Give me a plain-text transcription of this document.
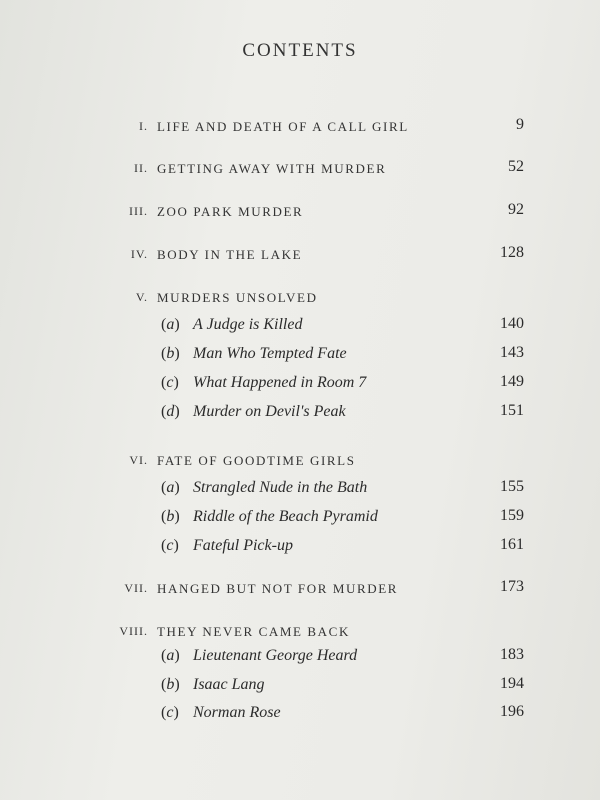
CONTENTS
I. LIFE AND DEATH OF A CALL GIRL	9
II. GETTING AWAY WITH MURDER	52
III. ZOO PARK MURDER	92
IV. BODY IN THE LAKE	128
V. MURDERS UNSOLVED
(a) A Judge is Killed	140
(b) Man Who Tempted Fate	143
(c) What Happened in Room 7	149
(d) Murder on Devil's Peak	151
VI. FATE OF GOODTIME GIRLS
(a) Strangled Nude in the Bath	155
(b) Riddle of the Beach Pyramid	159
(c) Fateful Pick-up	161
VII. HANGED BUT NOT FOR MURDER	173
VIII. THEY NEVER CAME BACK
(a) Lieutenant George Heard	183
(b) Isaac Lang	194
(c) Norman Rose	196
